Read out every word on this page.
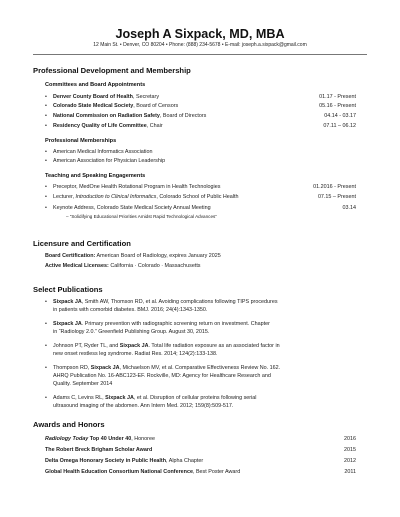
Joseph A Sixpack, MD, MBA
12 Main St. • Denver, CO 80204 • Phone: (888) 234-5678 • E-mail: joseph.a.sixpack@gmail.com
Professional Development and Membership
Committees and Board Appointments
• Denver County Board of Health, Secretary	01.17 - Present
• Colorado State Medical Society, Board of Censors	05.16 - Present
• National Commission on Radiation Safety, Board of Directors	04.14 - 03.17
• Residency Quality of Life Committee, Chair	07.11 – 06.12
Professional Memberships
• American Medical Informatics Association
• American Association for Physician Leadership
Teaching and Speaking Engagements
• Preceptor, MedOne Health Rotational Program in Health Technologies	01.2016 - Present
• Lecturer, Introduction to Clinical Informatics, Colorado School of Public Health	07.15 – Present
• Keynote Address, Colorado State Medical Society Annual Meeting	03.14
– “Solidifying Educational Priorities Amidst Rapid Technological Advances”
Licensure and Certification
Board Certification: American Board of Radiology, expires January 2025
Active Medical Licenses: California · Colorado · Massachusetts
Select Publications
•	Sixpack JA, Smith AW, Thomson RD, et al. Avoiding complications following TIPS procedures
in patients with comorbid diabetes. BMJ. 2016; 24(4):1343-1350.
•	Sixpack JA. Primary prevention with radiographic screening return on investment. Chapter
in “Radiology 2.0.” Greenfield Publishing Group. August 30, 2015.
•	Johnson PT, Ryder TL, and Sixpack JA. Total life radiation exposure as an associated factor in
new onset restless leg syndrome. Radiat Res. 2014; 124(2):133-138.
•	Thompson RD, Sixpack JA, Michaelson MV, et al. Comparative Effectiveness Review No. 162.
AHRQ Publication No. 16-ABC123-EF. Rockville, MD: Agency for Healthcare Research and
Quality. September 2014
•	Adams C, Levins RL, Sixpack JA, et al. Disruption of cellular proteins following serial
ultrasound imaging of the abdomen. Ann Intern Med. 2012; 159(8):509-517.
Awards and Honors
Radiology Today Top 40 Under 40, Honoree	2016
The Robert Breck Brigham Scholar Award	2015
Delta Omega Honorary Society in Public Health, Alpha Chapter	2012
Global Health Education Consortium National Conference, Best Poster Award	2011
